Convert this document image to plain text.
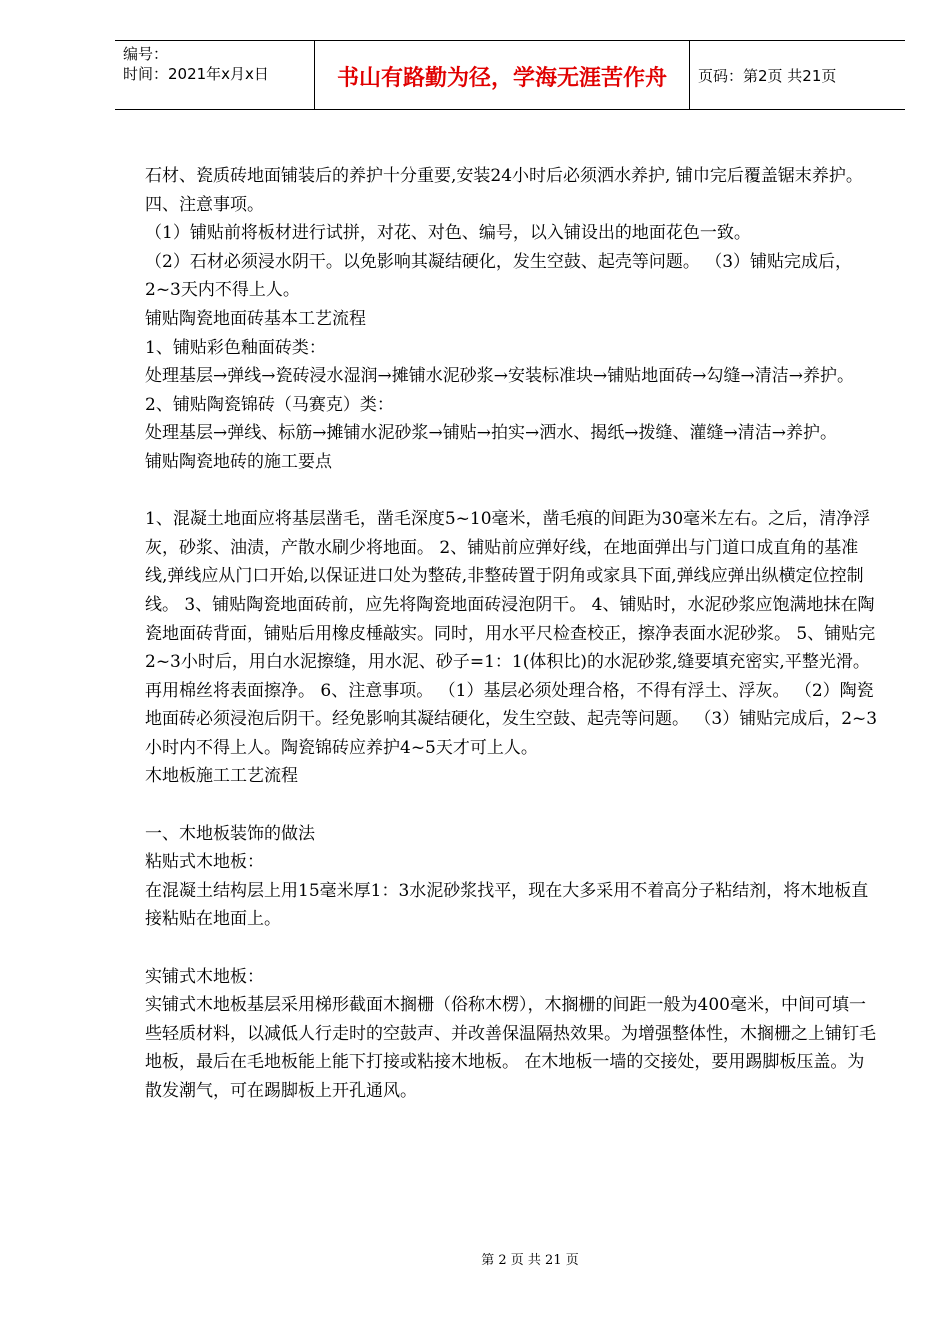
编号：
时间：2021年x月x日	书山有路勤为径，学海无涯苦作舟	页码：第2页 共21页

石材、瓷质砖地面铺装后的养护十分重要,安装24小时后必须洒水养护, 铺巾完后覆盖锯末养护。

四、注意事项。

（1）铺贴前将板材进行试拼，对花、对色、编号，以入铺设出的地面花色一致。

（2）石材必须浸水阴干。以免影响其凝结硬化，发生空鼓、起壳等问题。 （3）铺贴完成后，2~3天内不得上人。

铺贴陶瓷地面砖基本工艺流程

1、铺贴彩色釉面砖类：

处理基层→弹线→瓷砖浸水湿润→摊铺水泥砂浆→安装标准块→铺贴地面砖→勾缝→清洁→养护。

2、铺贴陶瓷锦砖（马赛克）类：

处理基层→弹线、标筋→摊铺水泥砂浆→铺贴→拍实→洒水、揭纸→拨缝、灌缝→清洁→养护。

铺贴陶瓷地砖的施工要点

1、混凝土地面应将基层凿毛，凿毛深度5~10毫米，凿毛痕的间距为30毫米左右。之后，清净浮灰，砂浆、油渍，产散水刷少将地面。 2、铺贴前应弹好线，在地面弹出与门道口成直角的基准线,弹线应从门口开始,以保证进口处为整砖,非整砖置于阴角或家具下面,弹线应弹出纵横定位控制线。 3、铺贴陶瓷地面砖前，应先将陶瓷地面砖浸泡阴干。 4、铺贴时，水泥砂浆应饱满地抹在陶瓷地面砖背面，铺贴后用橡皮棰敲实。同时，用水平尺检查校正，擦净表面水泥砂浆。 5、铺贴完2~3小时后，用白水泥擦缝，用水泥、砂子=1：1(体积比)的水泥砂浆,缝要填充密实,平整光滑。再用棉丝将表面擦净。 6、注意事项。 （1）基层必须处理合格，不得有浮土、浮灰。 （2）陶瓷地面砖必须浸泡后阴干。经免影响其凝结硬化，发生空鼓、起壳等问题。 （3）铺贴完成后，2~3小时内不得上人。陶瓷锦砖应养护4~5天才可上人。

木地板施工工艺流程

一、木地板装饰的做法

粘贴式木地板：

在混凝土结构层上用15毫米厚1：3水泥砂浆找平，现在大多采用不着高分子粘结剂，将木地板直接粘贴在地面上。

实铺式木地板：

实铺式木地板基层采用梯形截面木搁栅（俗称木楞），木搁栅的间距一般为400毫米，中间可填一些轻质材料，以减低人行走时的空鼓声、并改善保温隔热效果。为增强整体性，木搁栅之上铺钉毛地板，最后在毛地板能上能下打接或粘接木地板。 在木地板一墙的交接处，要用踢脚板压盖。为散发潮气，可在踢脚板上开孔通风。

第 2 页 共 21 页
